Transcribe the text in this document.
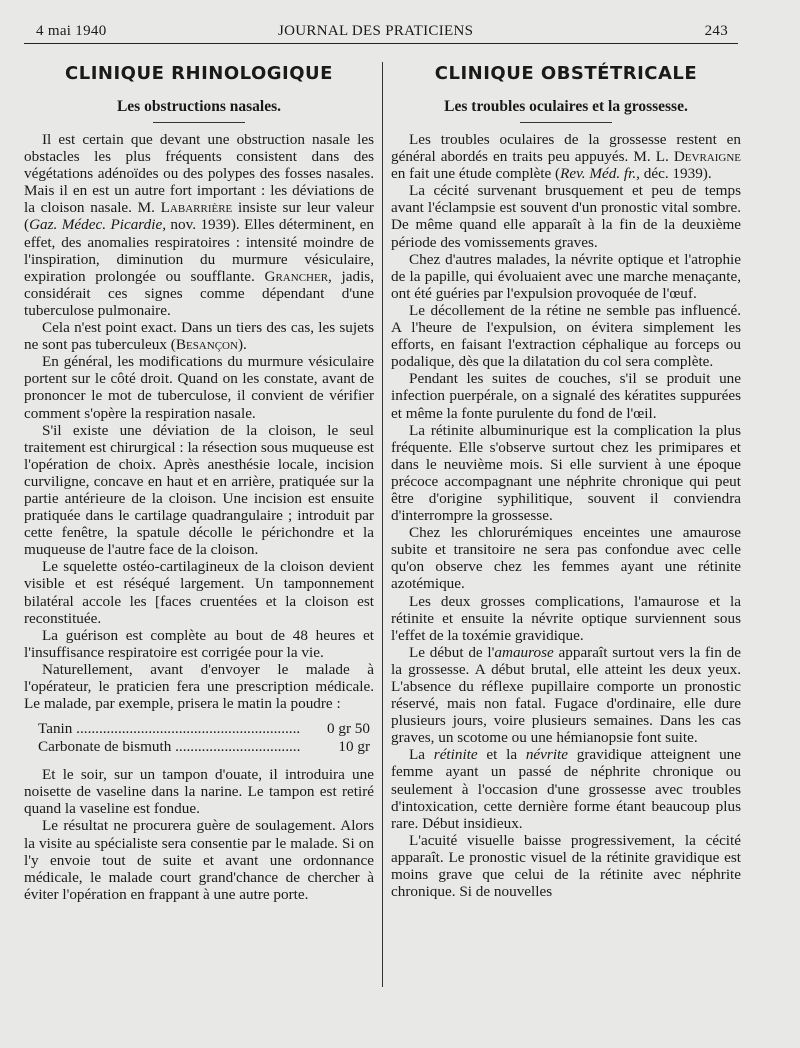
4 mai 1940	JOURNAL DES PRATICIENS	243
CLINIQUE RHINOLOGIQUE
Les obstructions nasales.

Il est certain que devant une obstruction nasale les obstacles les plus fréquents consistent dans des végétations adénoïdes ou des polypes des fosses nasales. Mais il en est un autre fort important : les déviations de la cloison nasale. M. Labarrière insiste sur leur valeur (Gaz. Médec. Picardie, nov. 1939). Elles déterminent, en effet, des anomalies respiratoires : intensité moindre de l'inspiration, diminution du murmure vésiculaire, expiration prolongée ou soufflante. Grancher, jadis, considérait ces signes comme dépendant d'une tuberculose pulmonaire.

Cela n'est point exact. Dans un tiers des cas, les sujets ne sont pas tuberculeux (Besançon).

En général, les modifications du murmure vésiculaire portent sur le côté droit. Quand on les constate, avant de prononcer le mot de tuberculose, il convient de vérifier comment s'opère la respiration nasale.

S'il existe une déviation de la cloison, le seul traitement est chirurgical : la résection sous muqueuse est l'opération de choix. Après anesthésie locale, incision curviligne, concave en haut et en arrière, pratiquée sur la partie antérieure de la cloison. Une incision est ensuite pratiquée dans le cartilage quadrangulaire ; introduit par cette fenêtre, la spatule décolle le périchondre et la muqueuse de l'autre face de la cloison.

Le squelette ostéo-cartilagineux de la cloison devient visible et est réséqué largement. Un tamponnement bilatéral accole les [faces cruentées et la cloison est reconstituée.

La guérison est complète au bout de 48 heures et l'insuffisance respiratoire est corrigée pour la vie.

Naturellement, avant d'envoyer le malade à l'opérateur, le praticien fera une prescription médicale. Le malade, par exemple, prisera le matin la poudre :

Tanin .....	0 gr 50
Carbonate de bismuth .....	10 gr

Et le soir, sur un tampon d'ouate, il introduira une noisette de vaseline dans la narine. Le tampon est retiré quand la vaseline est fondue.

Le résultat ne procurera guère de soulagement. Alors la visite au spécialiste sera consentie par le malade. Si on l'y envoie tout de suite et avant une ordonnance médicale, le malade court grand'chance de chercher à éviter l'opération en frappant à une autre porte.

CLINIQUE OBSTÉTRICALE
Les troubles oculaires et la grossesse.

Les troubles oculaires de la grossesse restent en général abordés en traits peu appuyés. M. L. Devraigne en fait une étude complète (Rev. Méd. fr., déc. 1939).

La cécité survenant brusquement et peu de temps avant l'éclampsie est souvent d'un pronostic vital sombre. De même quand elle apparaît à la fin de la deuxième période des vomissements graves.

Chez d'autres malades, la névrite optique et l'atrophie de la papille, qui évoluaient avec une marche menaçante, ont été guéries par l'expulsion provoquée de l'œuf.

Le décollement de la rétine ne semble pas influencé. A l'heure de l'expulsion, on évitera simplement les efforts, en faisant l'extraction céphalique au forceps ou podalique, dès que la dilatation du col sera complète.

Pendant les suites de couches, s'il se produit une infection puerpérale, on a signalé des kératites suppurées et même la fonte purulente du fond de l'œil.

La rétinite albuminurique est la complication la plus fréquente. Elle s'observe surtout chez les primipares et dans le neuvième mois. Si elle survient à une époque précoce accompagnant une néphrite chronique qui peut être d'origine syphilitique, souvent il conviendra d'interrompre la grossesse.

Chez les chlorurémiques enceintes une amaurose subite et transitoire ne sera pas confondue avec celle qu'on observe chez les femmes ayant une rétinite azotémique.

Les deux grosses complications, l'amaurose et la rétinite et ensuite la névrite optique surviennent sous l'effet de la toxémie gravidique.

Le début de l'amaurose apparaît surtout vers la fin de la grossesse. A début brutal, elle atteint les deux yeux. L'absence du réflexe pupillaire comporte un pronostic réservé, mais non fatal. Fugace d'ordinaire, elle dure plusieurs jours, voire plusieurs semaines. Dans les cas graves, un scotome ou une hémianopsie font suite.

La rétinite et la névrite gravidique atteignent une femme ayant un passé de néphrite chronique ou seulement à l'occasion d'une grossesse avec troubles d'intoxication, cette dernière forme étant beaucoup plus rare. Début insidieux.

L'acuité visuelle baisse progressivement, la cécité apparaît. Le pronostic visuel de la rétinite gravidique est moins grave que celui de la rétinite avec néphrite chronique. Si de nouvelles
